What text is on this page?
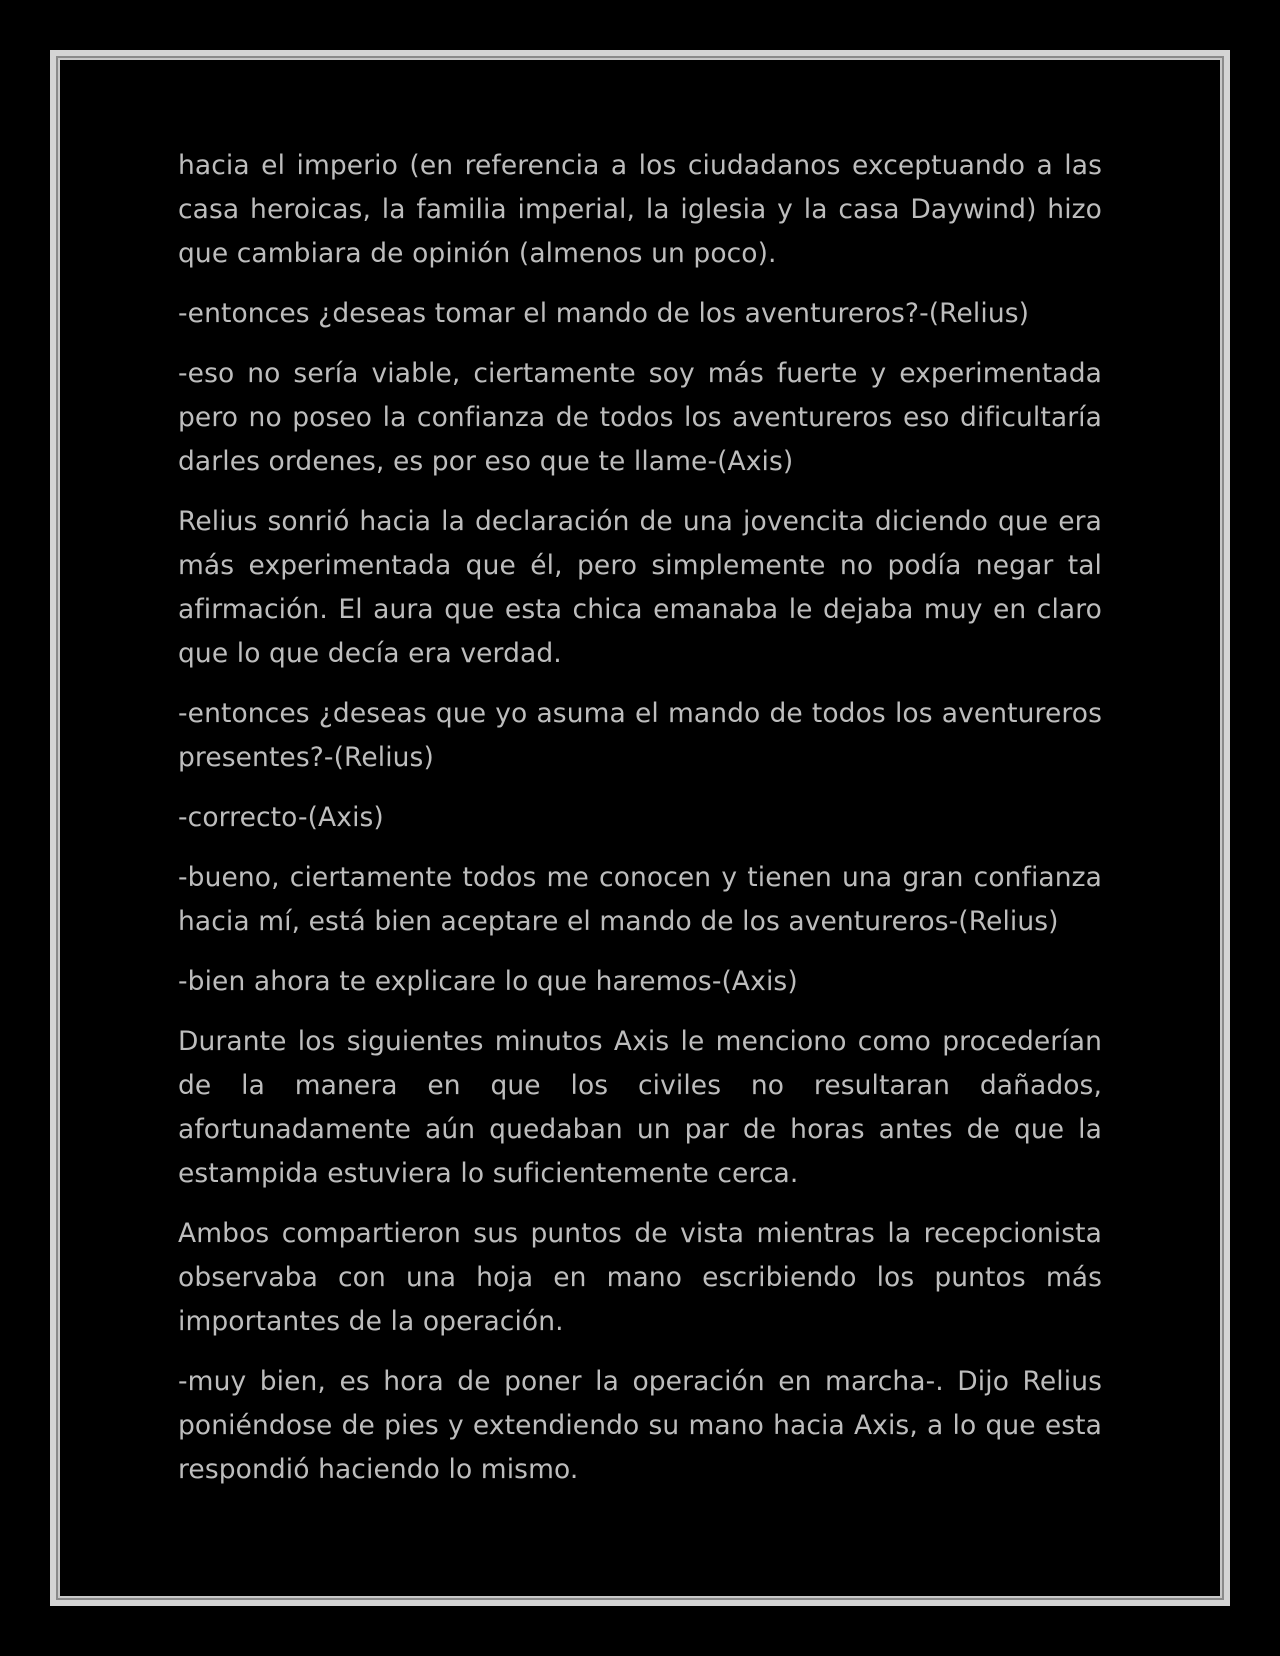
hacia el imperio (en referencia a los ciudadanos exceptuando a las casa heroicas, la familia imperial, la iglesia y la casa Daywind) hizo que cambiara de opinión (almenos un poco).

-entonces ¿deseas tomar el mando de los aventureros?-(Relius)

-eso no sería viable, ciertamente soy más fuerte y experimentada pero no poseo la confianza de todos los aventureros eso dificultaría darles ordenes, es por eso que te llame-(Axis)

Relius sonrió hacia la declaración de una jovencita diciendo que era más experimentada que él, pero simplemente no podía negar tal afirmación. El aura que esta chica emanaba le dejaba muy en claro que lo que decía era verdad.

-entonces ¿deseas que yo asuma el mando de todos los aventureros presentes?-(Relius)

-correcto-(Axis)

-bueno, ciertamente todos me conocen y tienen una gran confianza hacia mí, está bien aceptare el mando de los aventureros-(Relius)

-bien ahora te explicare lo que haremos-(Axis)

Durante los siguientes minutos Axis le menciono como procederían de la manera en que los civiles no resultaran dañados, afortunadamente aún quedaban un par de horas antes de que la estampida estuviera lo suficientemente cerca.

Ambos compartieron sus puntos de vista mientras la recepcionista observaba con una hoja en mano escribiendo los puntos más importantes de la operación.

-muy bien, es hora de poner la operación en marcha-. Dijo Relius poniéndose de pies y extendiendo su mano hacia Axis, a lo que esta respondió haciendo lo mismo.
